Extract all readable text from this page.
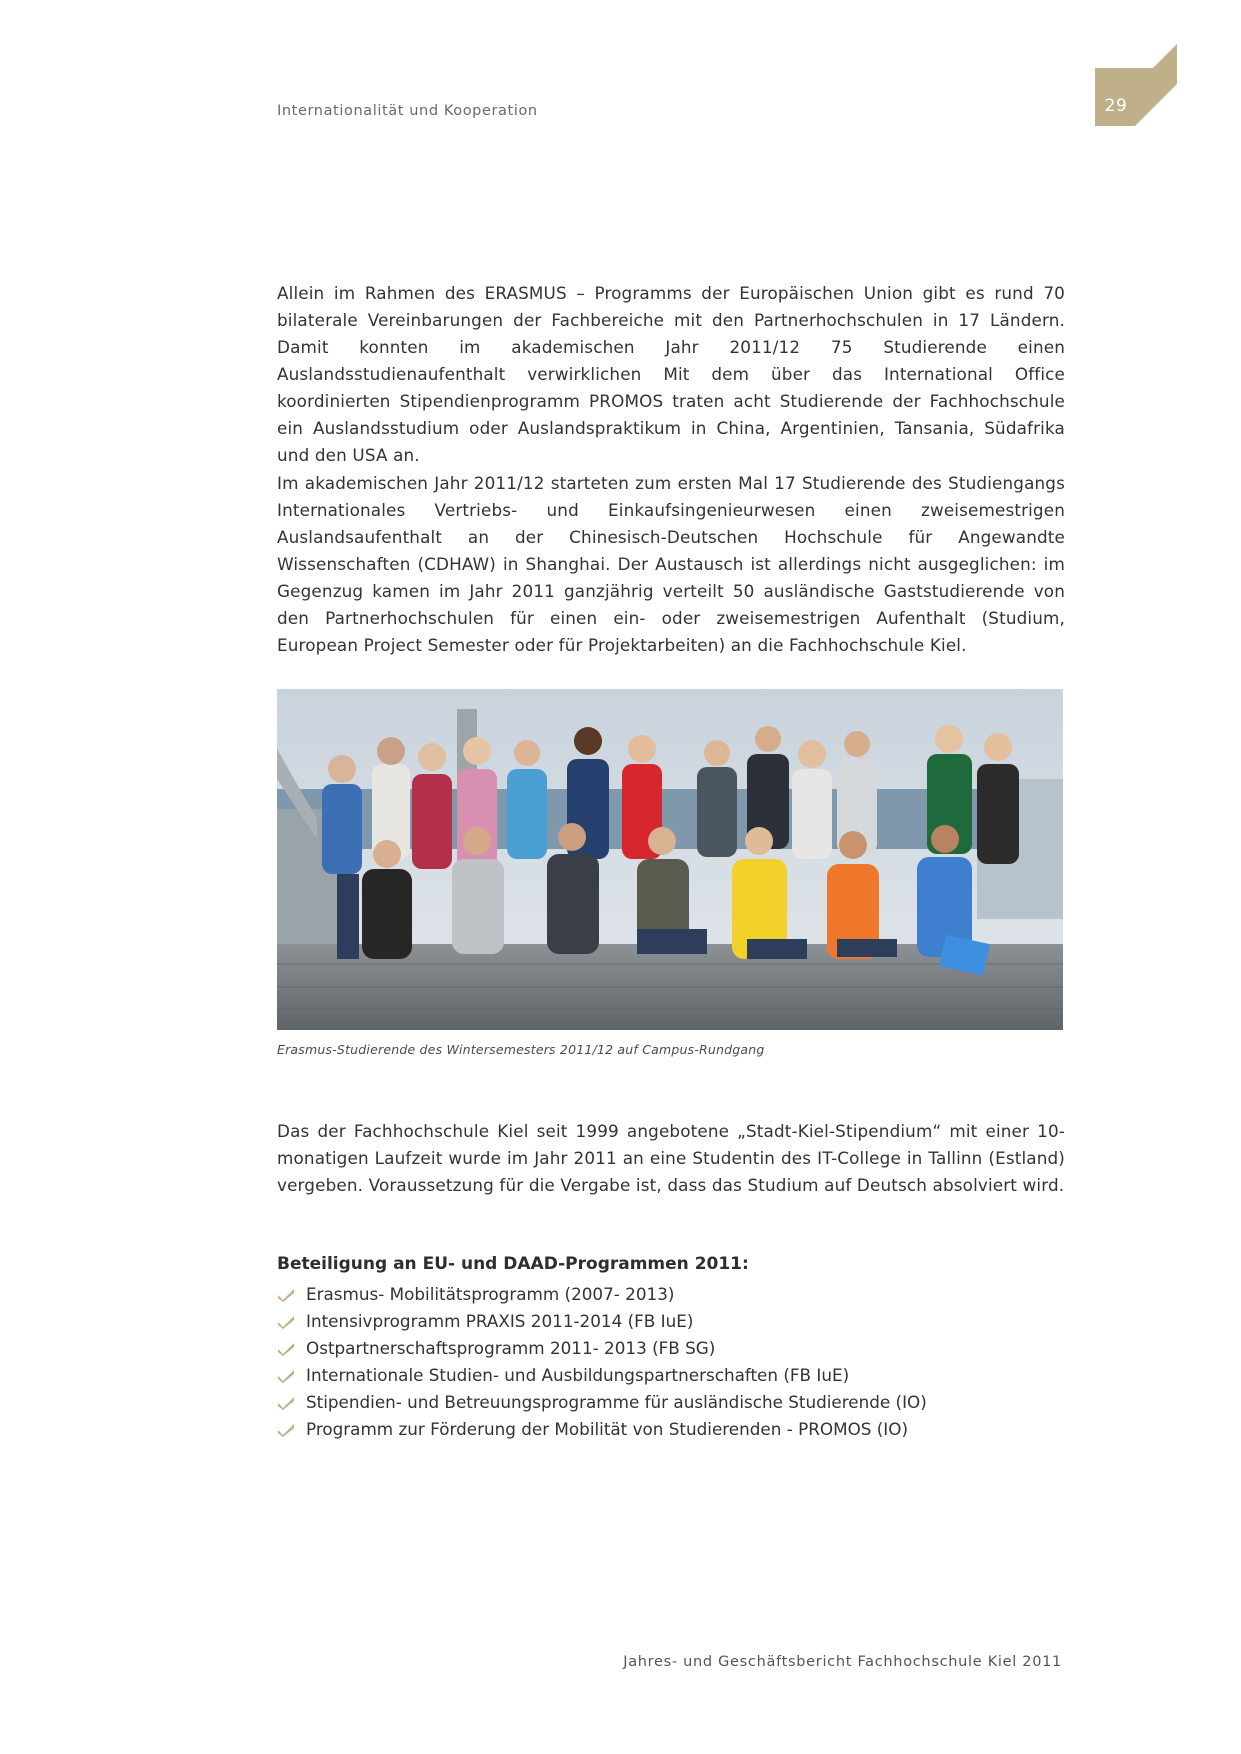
Internationalität und Kooperation	29
Allein im Rahmen des ERASMUS – Programms der Europäischen Union gibt es rund 70 bilaterale Vereinbarungen der Fachbereiche mit den Partnerhochschulen in 17 Ländern. Damit konnten im akademischen Jahr 2011/12 75 Studierende einen Auslandsstudienaufenthalt verwirklichen Mit dem über das International Office koordinierten Stipendienprogramm PROMOS traten acht Studierende der Fachhochschule ein Auslandsstudium oder Auslandspraktikum in China, Argentinien, Tansania, Südafrika und den USA an.
Im akademischen Jahr 2011/12 starteten zum ersten Mal 17 Studierende des Studiengangs Internationales Vertriebs- und Einkaufsingenieurwesen einen zweisemestrigen Auslandsaufenthalt an der Chinesisch-Deutschen Hochschule für Angewandte Wissenschaften (CDHAW) in Shanghai. Der Austausch ist allerdings nicht ausgeglichen: im Gegenzug kamen im Jahr 2011 ganzjährig verteilt 50 ausländische Gaststudierende von den Partnerhochschulen für einen ein- oder zweisemestrigen Aufenthalt (Studium, European Project Semester oder für Projektarbeiten) an die Fachhochschule Kiel.
Erasmus-Studierende des Wintersemesters 2011/12 auf Campus-Rundgang
Das der Fachhochschule Kiel seit 1999 angebotene „Stadt-Kiel-Stipendium“ mit einer 10-monatigen Laufzeit wurde im Jahr 2011 an eine Studentin des IT-College in Tallinn (Estland) vergeben. Voraussetzung für die Vergabe ist, dass das Studium auf Deutsch absolviert wird.
Beteiligung an EU- und DAAD-Programmen 2011:
Erasmus- Mobilitätsprogramm (2007- 2013)
Intensivprogramm PRAXIS 2011-2014 (FB IuE)
Ostpartnerschaftsprogramm 2011- 2013 (FB SG)
Internationale Studien- und Ausbildungspartnerschaften (FB IuE)
Stipendien- und Betreuungsprogramme für ausländische Studierende (IO)
Programm zur Förderung der Mobilität von Studierenden - PROMOS (IO)
Jahres- und Geschäftsbericht Fachhochschule Kiel 2011
